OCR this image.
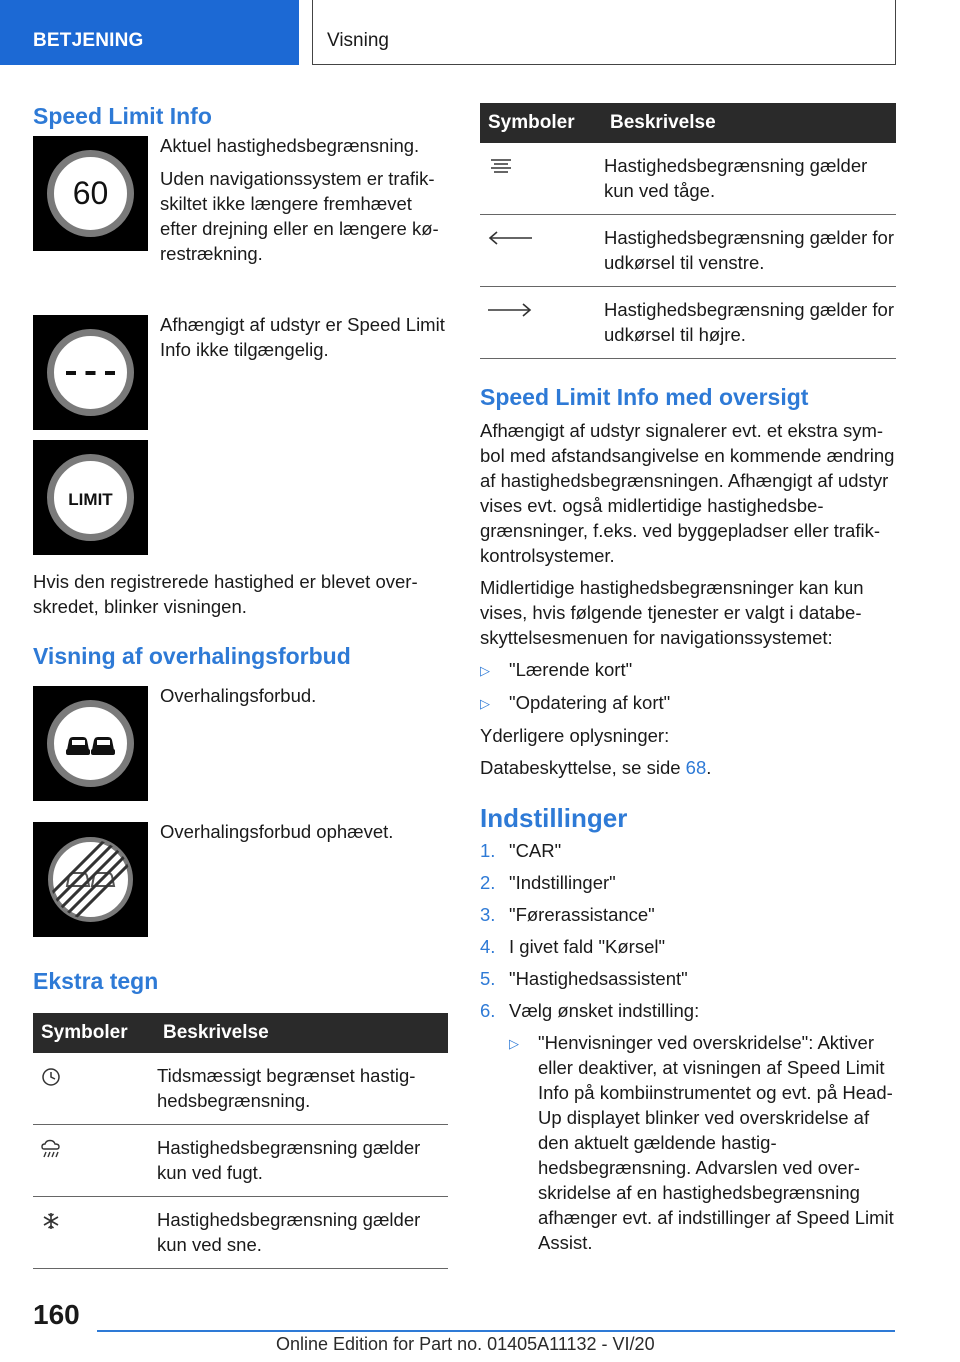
BETJENING	Visning
Speed Limit Info
60

Aktuel hastighedsbegrænsning.

Uden navigationssystem er trafikskiltet ikke længere fremhævet efter drejning eller en længere kørestrækning.

Afhængigt af udstyr er Speed Limit Info ikke tilgængelig.

LIMIT

Hvis den registrerede hastighed er blevet overskredet, blinker visningen.

Visning af overhalingsforbud

Overhalingsforbud.

Overhalingsforbud ophævet.

Ekstra tegn
Symboler	Beskrivelse

	Tidsmæssigt begrænset hastighedsbegrænsning.

	Hastighedsbegrænsning gælder kun ved fugt.

	Hastighedsbegrænsning gælder kun ved sne.
Symboler	Beskrivelse

	Hastighedsbegrænsning gælder kun ved tåge.

	Hastighedsbegrænsning gælder for udkørsel til venstre.

	Hastighedsbegrænsning gælder for udkørsel til højre.
Speed Limit Info med oversigt

Afhængigt af udstyr signalerer evt. et ekstra symbol med afstandsangivelse en kommende ændring af hastighedsbegrænsningen. Afhængigt af udstyr vises evt. også midlertidige hastighedsbegrænsninger, f.eks. ved byggepladser eller trafikkontrolsystemer.

Midlertidige hastighedsbegrænsninger kan kun vises, hvis følgende tjenester er valgt i databeskyttelsesmenuen for navigationssystemet:

▷	"Lærende kort"
▷	"Opdatering af kort"

Yderligere oplysninger:

Databeskyttelse, se side 68.

Indstillinger
1. "CAR"
2. "Indstillinger"
3. "Førerassistance"
4. I givet fald "Kørsel"
5. "Hastighedsassistent"
6. Vælg ønsket indstilling:
▷	"Henvisninger ved overskridelse": Aktiver eller deaktiver, at visningen af Speed Limit Info på kombiinstrumentet og evt. på Head-Up displayet blinker ved overskridelse af den aktuelt gældende hastighedsbegrænsning. Advarslen ved overskridelse af en hastighedsbegrænsning afhænger evt. af indstillinger af Speed Limit Assist.
160
Online Edition for Part no. 01405A11132 - VI/20
